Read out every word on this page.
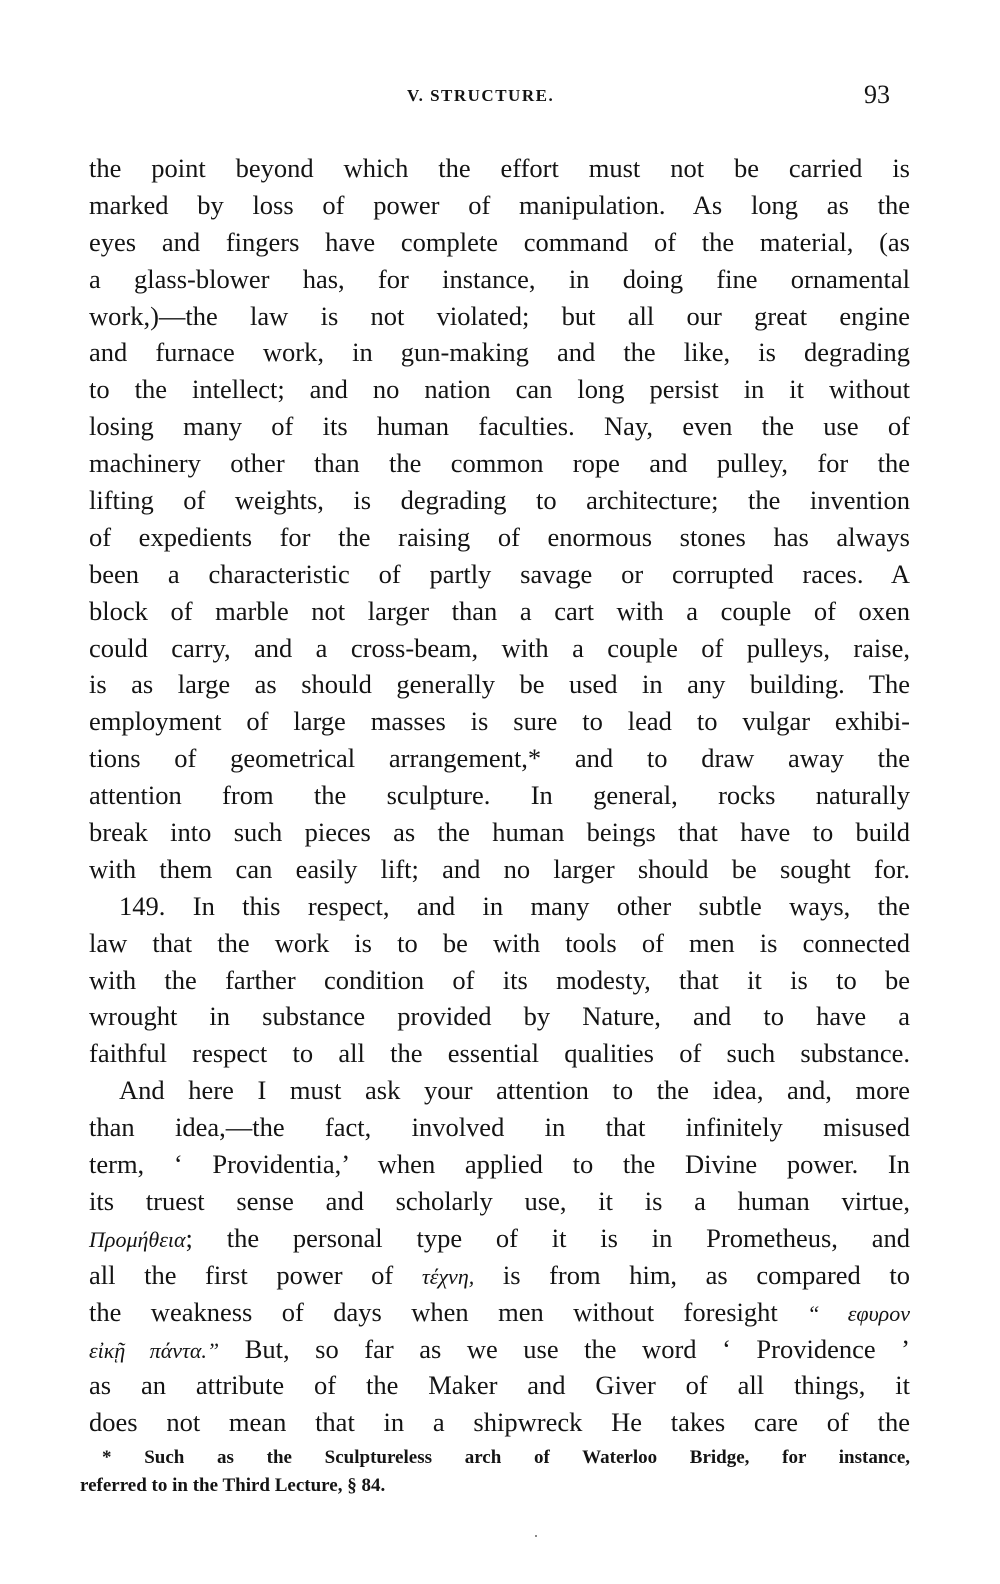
V. STRUCTURE.	93
the point beyond which the effort must not be carried is
marked by loss of power of manipulation. As long as the
eyes and fingers have complete command of the material, (as
a glass-blower has, for instance, in doing fine ornamental
work,)—the law is not violated; but all our great engine
and furnace work, in gun-making and the like, is degrading
to the intellect; and no nation can long persist in it without
losing many of its human faculties. Nay, even the use of
machinery other than the common rope and pulley, for the
lifting of weights, is degrading to architecture; the invention
of expedients for the raising of enormous stones has always
been a characteristic of partly savage or corrupted races. A
block of marble not larger than a cart with a couple of oxen
could carry, and a cross-beam, with a couple of pulleys, raise,
is as large as should generally be used in any building. The
employment of large masses is sure to lead to vulgar exhibi-
tions of geometrical arrangement,* and to draw away the
attention from the sculpture. In general, rocks naturally
break into such pieces as the human beings that have to build
with them can easily lift; and no larger should be sought for.
149. In this respect, and in many other subtle ways, the
law that the work is to be with tools of men is connected
with the farther condition of its modesty, that it is to be
wrought in substance provided by Nature, and to have a
faithful respect to all the essential qualities of such substance.
And here I must ask your attention to the idea, and, more
than idea,—the fact, involved in that infinitely misused
term, ‘ Providentia,’ when applied to the Divine power. In
its truest sense and scholarly use, it is a human virtue,
Προμήθεια; the personal type of it is in Prometheus, and
all the first power of τέχνη, is from him, as compared to
the weakness of days when men without foresight “ εφυρον
εἰκῇ πάντα.” But, so far as we use the word ‘ Providence ’
as an attribute of the Maker and Giver of all things, it
does not mean that in a shipwreck He takes care of the
* Such as the Sculptureless arch of Waterloo Bridge, for instance,
referred to in the Third Lecture, § 84.
